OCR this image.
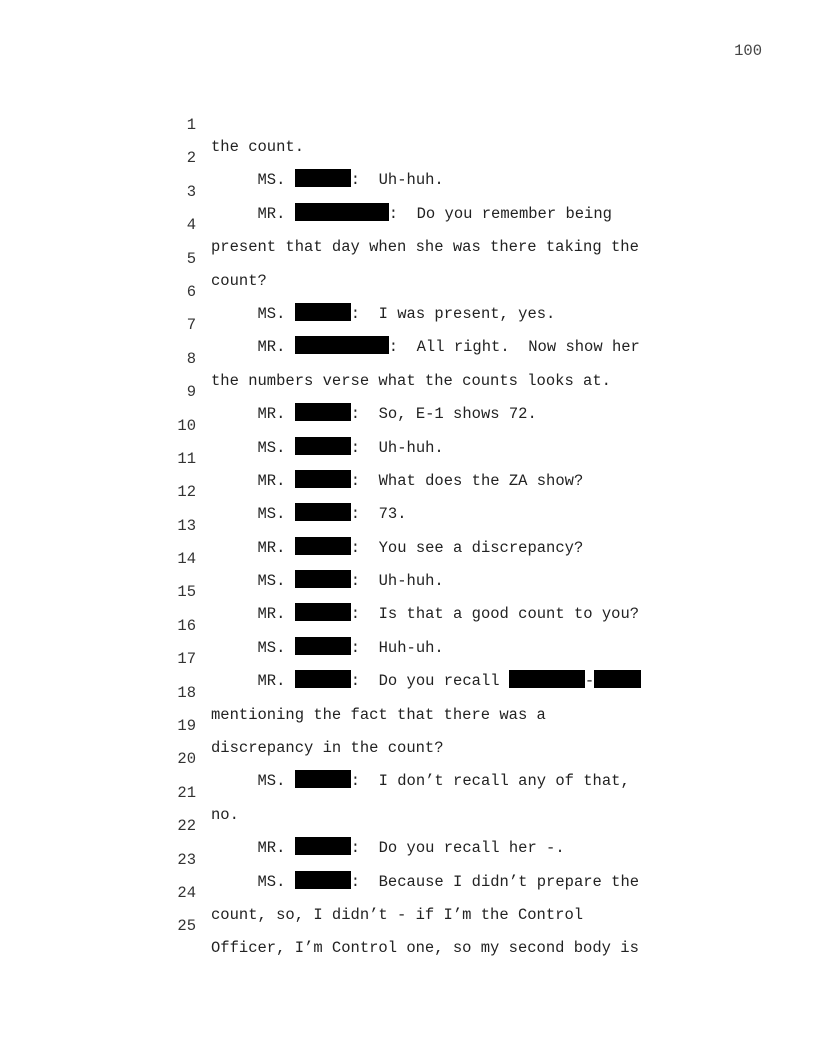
100

1

the count.

2

MS.	:  Uh-huh.

3

MR.	:  Do you remember being

4

present that day when she was there taking the

5

count?

6

MS.	:  I was present, yes.

7

MR.	:  All right.  Now show her

8

the numbers verse what the counts looks at.

9

MR.	:  So, E-1 shows 72.

10

MS.	:  Uh-huh.

11

MR.	:  What does the ZA show?

12

MS.	:  73.

13

MR.	:  You see a discrepancy?

14

MS.	:  Uh-huh.

15

MR.	:  Is that a good count to you?

16

MS.	:  Huh-uh.

17

MR.	:  Do you recall	-

18

mentioning the fact that there was a

19

discrepancy in the count?

20

MS.	:  I don’t recall any of that,

21

no.

22

MR.	:  Do you recall her -.

23

MS.	:  Because I didn’t prepare the

24

count, so, I didn’t - if I’m the Control

25

Officer, I’m Control one, so my second body is
